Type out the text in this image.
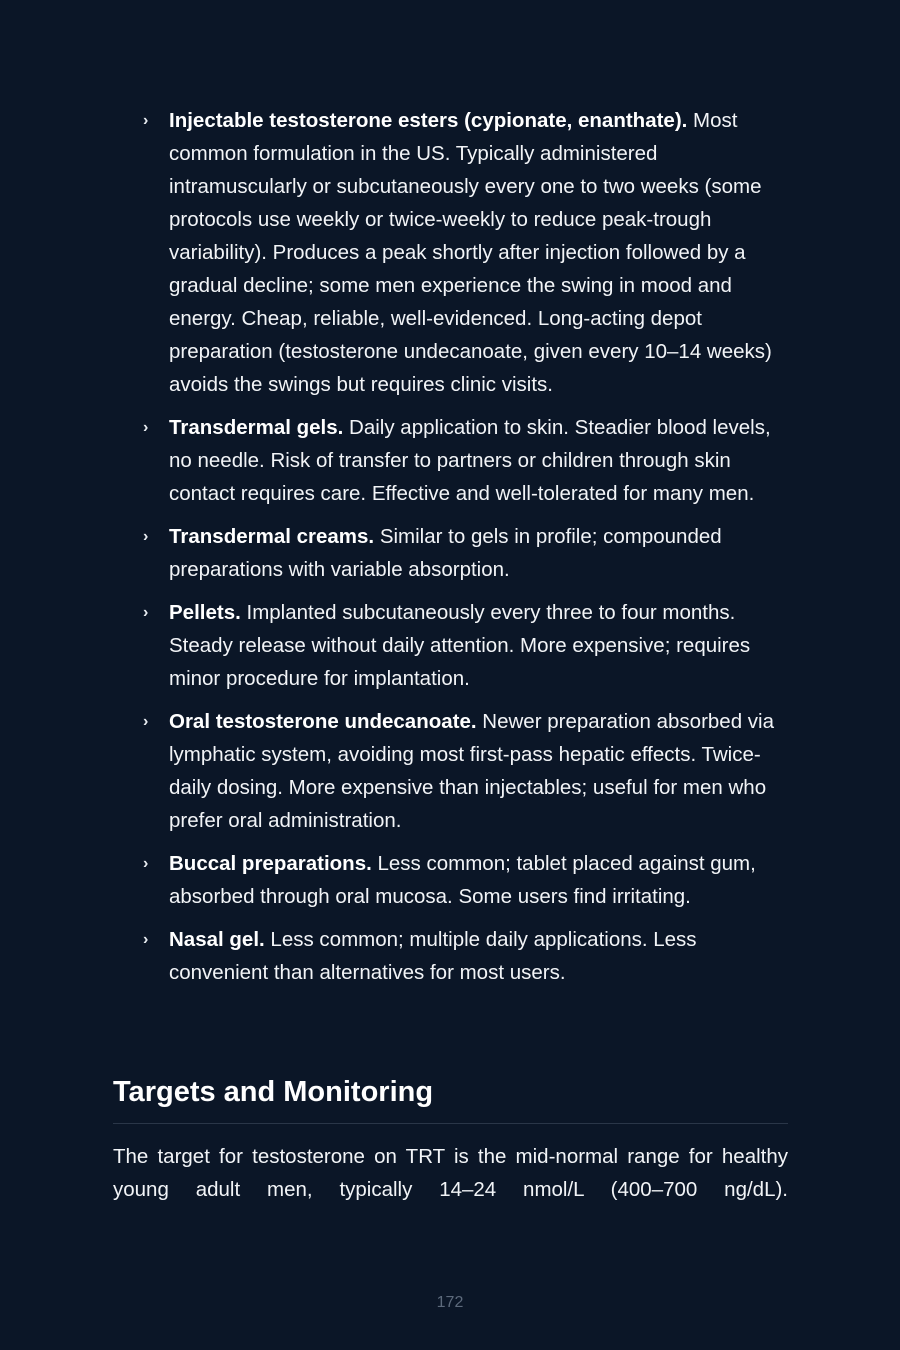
› Injectable testosterone esters (cypionate, enanthate). Most common formulation in the US. Typically administered intramuscularly or subcutaneously every one to two weeks (some protocols use weekly or twice-weekly to reduce peak-trough variability). Produces a peak shortly after injection followed by a gradual decline; some men experience the swing in mood and energy. Cheap, reliable, well-evidenced. Long-acting depot preparation (testosterone undecanoate, given every 10–14 weeks) avoids the swings but requires clinic visits.
› Transdermal gels. Daily application to skin. Steadier blood levels, no needle. Risk of transfer to partners or children through skin contact requires care. Effective and well-tolerated for many men.
› Transdermal creams. Similar to gels in profile; compounded preparations with variable absorption.
› Pellets. Implanted subcutaneously every three to four months. Steady release without daily attention. More expensive; requires minor procedure for implantation.
› Oral testosterone undecanoate. Newer preparation absorbed via lymphatic system, avoiding most first-pass hepatic effects. Twice-daily dosing. More expensive than injectables; useful for men who prefer oral administration.
› Buccal preparations. Less common; tablet placed against gum, absorbed through oral mucosa. Some users find irritating.
› Nasal gel. Less common; multiple daily applications. Less convenient than alternatives for most users.
Targets and Monitoring

The target for testosterone on TRT is the mid-normal range for healthy young adult men, typically 14–24 nmol/L (400–700 ng/dL).

172
